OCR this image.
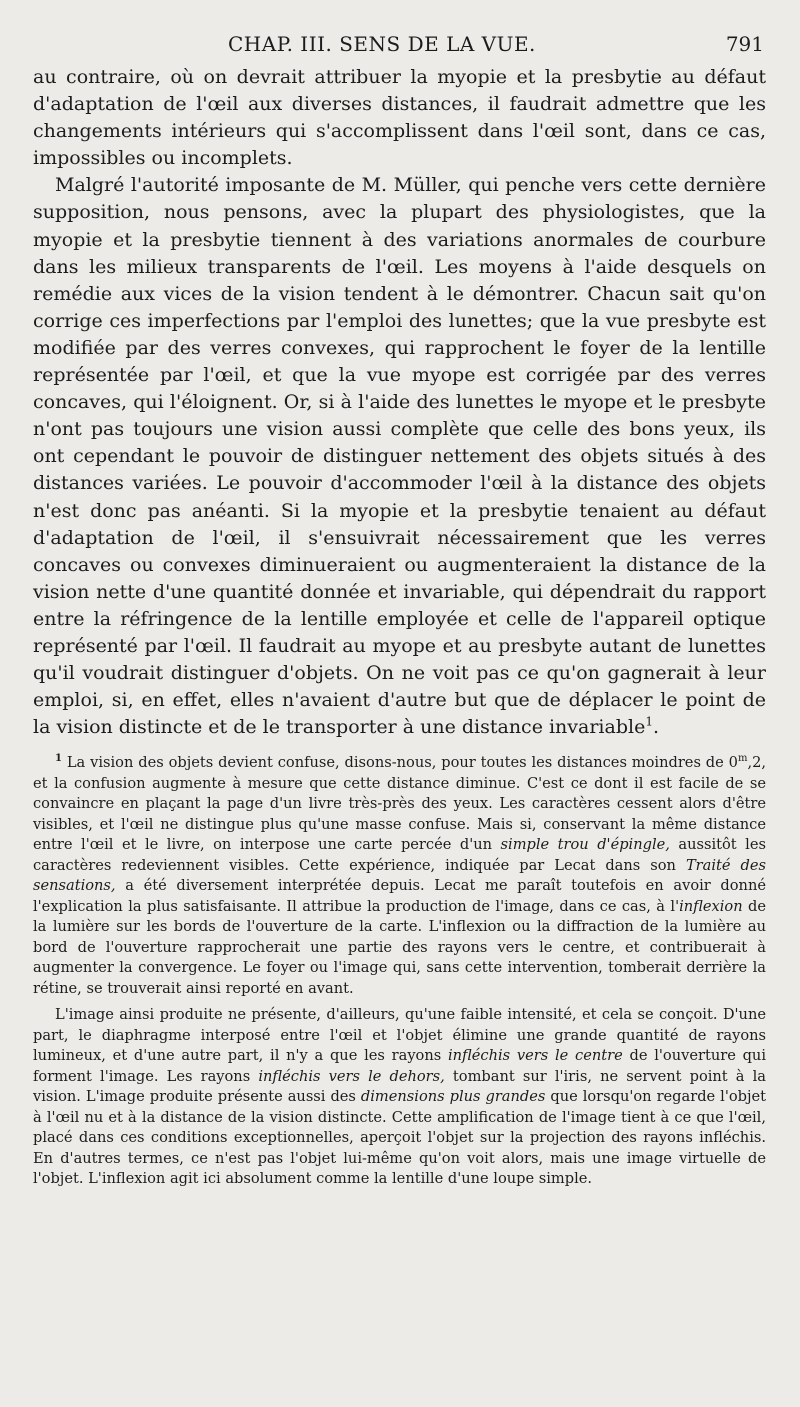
CHAP. III. SENS DE LA VUE.	791

au contraire, où on devrait attribuer la myopie et la presbytie au défaut d'adaptation de l'œil aux diverses distances, il faudrait admettre que les changements intérieurs qui s'accomplissent dans l'œil sont, dans ce cas, impossibles ou incomplets.

Malgré l'autorité imposante de M. Müller, qui penche vers cette dernière supposition, nous pensons, avec la plupart des physiologistes, que la myopie et la presbytie tiennent à des variations anormales de courbure dans les milieux transparents de l'œil. Les moyens à l'aide desquels on remédie aux vices de la vision tendent à le démontrer. Chacun sait qu'on corrige ces imperfections par l'emploi des lunettes; que la vue presbyte est modifiée par des verres convexes, qui rapprochent le foyer de la lentille représentée par l'œil, et que la vue myope est corrigée par des verres concaves, qui l'éloignent. Or, si à l'aide des lunettes le myope et le presbyte n'ont pas toujours une vision aussi complète que celle des bons yeux, ils ont cependant le pouvoir de distinguer nettement des objets situés à des distances variées. Le pouvoir d'accommoder l'œil à la distance des objets n'est donc pas anéanti. Si la myopie et la presbytie tenaient au défaut d'adaptation de l'œil, il s'ensuivrait nécessairement que les verres concaves ou convexes diminueraient ou augmenteraient la distance de la vision nette d'une quantité donnée et invariable, qui dépendrait du rapport entre la réfringence de la lentille employée et celle de l'appareil optique représenté par l'œil. Il faudrait au myope et au presbyte autant de lunettes qu'il voudrait distinguer d'objets. On ne voit pas ce qu'on gagnerait à leur emploi, si, en effet, elles n'avaient d'autre but que de déplacer le point de la vision distincte et de le transporter à une distance invariable$^1$.

$^1$ La vision des objets devient confuse, disons-nous, pour toutes les distances moindres de 0$^m$,2, et la confusion augmente à mesure que cette distance diminue. C'est ce dont il est facile de se convaincre en plaçant la page d'un livre très-près des yeux. Les caractères cessent alors d'être visibles, et l'œil ne distingue plus qu'une masse confuse. Mais si, conservant la même distance entre l'œil et le livre, on interpose une carte percée d'un simple trou d'épingle, aussitôt les caractères redeviennent visibles. Cette expérience, indiquée par Lecat dans son Traité des sensations, a été diversement interprétée depuis. Lecat me paraît toutefois en avoir donné l'explication la plus satisfaisante. Il attribue la production de l'image, dans ce cas, à l'inflexion de la lumière sur les bords de l'ouverture de la carte. L'inflexion ou la diffraction de la lumière au bord de l'ouverture rapprocherait une partie des rayons vers le centre, et contribuerait à augmenter la convergence. Le foyer ou l'image qui, sans cette intervention, tomberait derrière la rétine, se trouverait ainsi reporté en avant.

L'image ainsi produite ne présente, d'ailleurs, qu'une faible intensité, et cela se conçoit. D'une part, le diaphragme interposé entre l'œil et l'objet élimine une grande quantité de rayons lumineux, et d'une autre part, il n'y a que les rayons infléchis vers le centre de l'ouverture qui forment l'image. Les rayons infléchis vers le dehors, tombant sur l'iris, ne servent point à la vision. L'image produite présente aussi des dimensions plus grandes que lorsqu'on regarde l'objet à l'œil nu et à la distance de la vision distincte. Cette amplification de l'image tient à ce que l'œil, placé dans ces conditions exceptionnelles, aperçoit l'objet sur la projection des rayons infléchis. En d'autres termes, ce n'est pas l'objet lui-même qu'on voit alors, mais une image virtuelle de l'objet. L'inflexion agit ici absolument comme la lentille d'une loupe simple.
